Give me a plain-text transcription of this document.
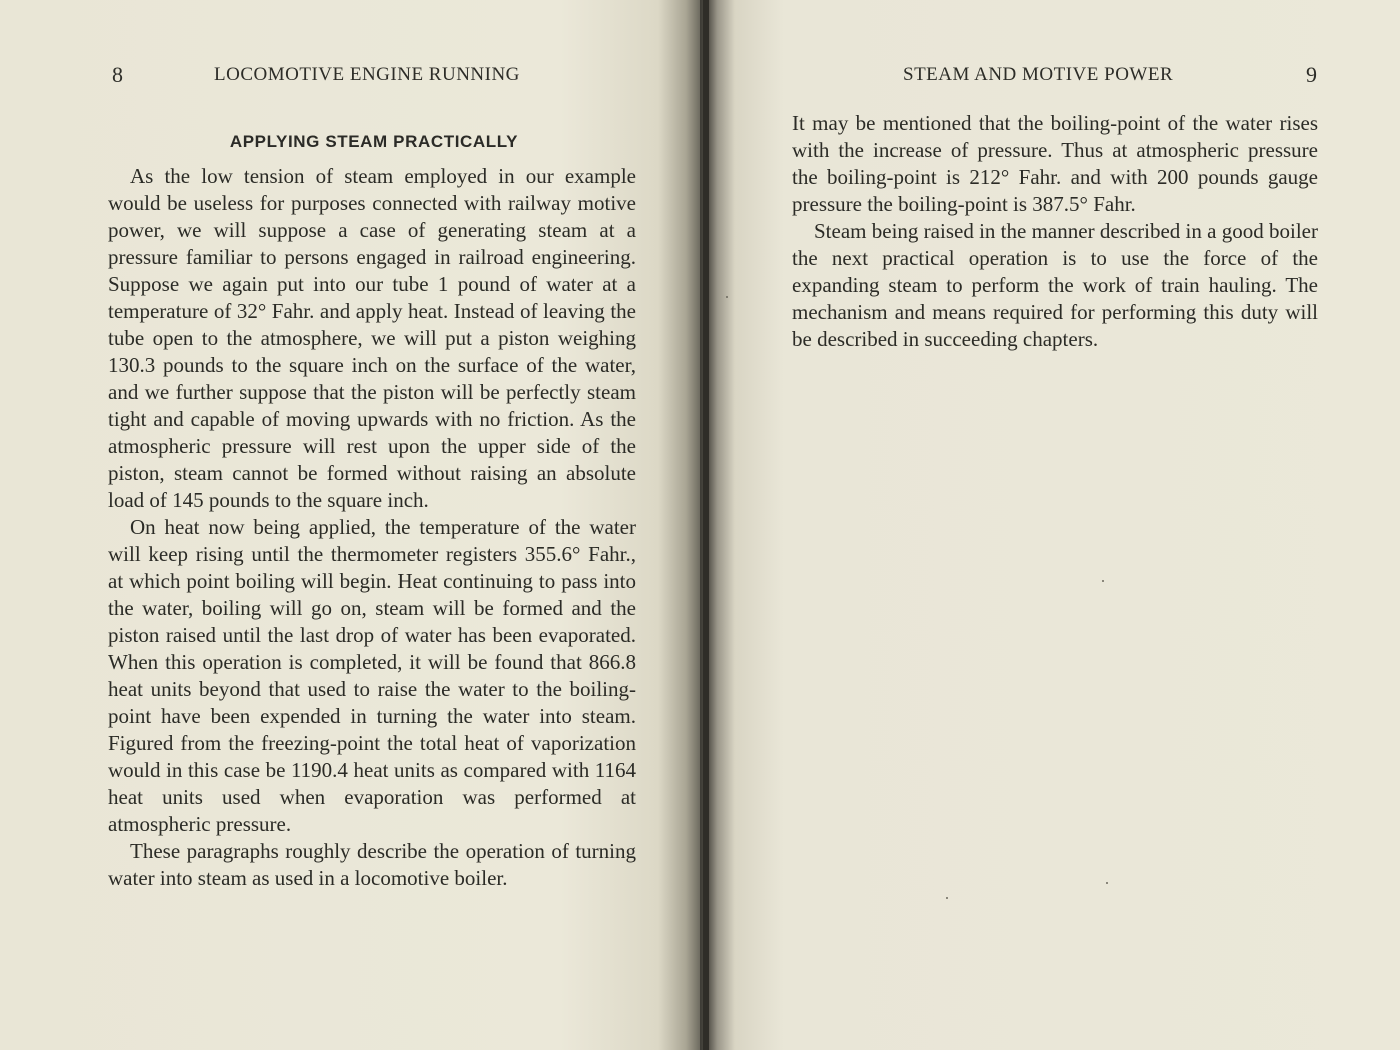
8	LOCOMOTIVE ENGINE RUNNING
APPLYING STEAM PRACTICALLY

As the low tension of steam employed in our example would be useless for purposes connected with railway motive power, we will suppose a case of generating steam at a pressure familiar to persons engaged in railroad engineering. Suppose we again put into our tube 1 pound of water at a temperature of 32° Fahr. and apply heat. Instead of leaving the tube open to the atmosphere, we will put a piston weighing 130.3 pounds to the square inch on the surface of the water, and we further suppose that the piston will be perfectly steam tight and capable of moving upwards with no friction. As the atmospheric pressure will rest upon the upper side of the piston, steam cannot be formed without raising an absolute load of 145 pounds to the square inch.

On heat now being applied, the temperature of the water will keep rising until the thermometer registers 355.6° Fahr., at which point boiling will begin. Heat continuing to pass into the water, boiling will go on, steam will be formed and the piston raised until the last drop of water has been evaporated. When this operation is completed, it will be found that 866.8 heat units beyond that used to raise the water to the boiling-point have been expended in turning the water into steam. Figured from the freezing-point the total heat of vaporization would in this case be 1190.4 heat units as compared with 1164 heat units used when evaporation was performed at atmospheric pressure.

These paragraphs roughly describe the operation of turning water into steam as used in a locomotive boiler.

STEAM AND MOTIVE POWER	9

It may be mentioned that the boiling-point of the water rises with the increase of pressure. Thus at atmospheric pressure the boiling-point is 212° Fahr. and with 200 pounds gauge pressure the boiling-point is 387.5° Fahr.

Steam being raised in the manner described in a good boiler the next practical operation is to use the force of the expanding steam to perform the work of train hauling. The mechanism and means required for performing this duty will be described in succeeding chapters.
